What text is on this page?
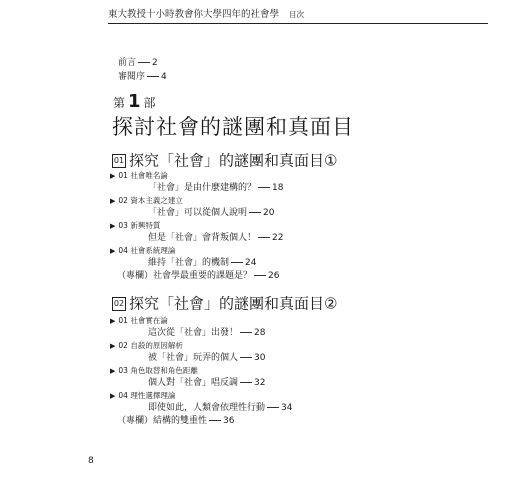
東大教授十小時教會你大學四年的社會學 目次
前言 2
審閱序 4
第 1 部
探討社會的謎團和真面目
01 探究「社會」的謎團和真面目①
▶ 01 社會唯名論
「社會」是由什麼建構的？ 18
▶ 02 資本主義之建立
「社會」可以從個人說明 20
▶ 03 新興特質
但是「社會」會背叛個人！ 22
▶ 04 社會系統理論
維持「社會」的機制 24
（專欄）社會學最重要的課題是？ 26
02 探究「社會」的謎團和真面目②
▶ 01 社會實在論
這次從「社會」出發！ 28
▶ 02 自殺的原因解析
被「社會」玩弄的個人 30
▶ 03 角色取替和角色距離
個人對「社會」唱反調 32
▶ 04 理性選擇理論
即使如此，人類會依理性行動 34
（專欄）結構的雙重性 36
8
